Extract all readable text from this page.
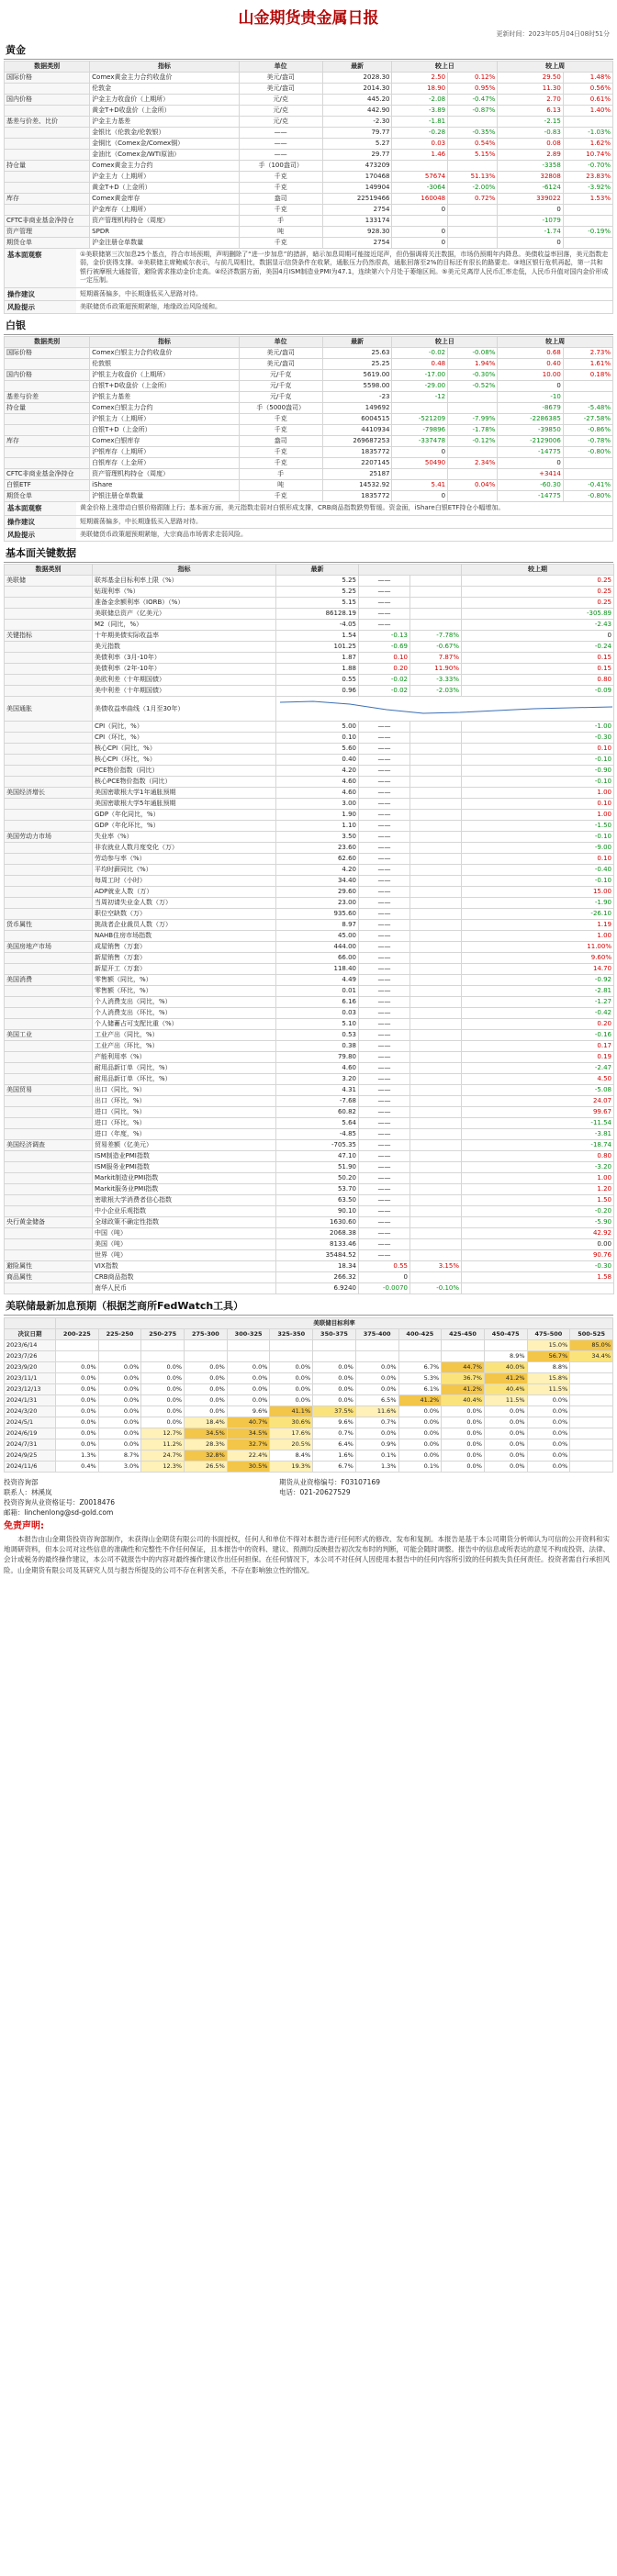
山金期货贵金属日报
更新时间：2023年05月04日08时51分
黄金
数据类别	指标	单位	最新	较上日		较上周	
国际价格	Comex黄金主力合约收盘价	美元/盎司	2028.30	2.50	0.12%	29.50	1.48%
	伦敦金	美元/盎司	2014.30	18.90	0.95%	11.30	0.56%
国内价格	沪金主力收盘价（上期所）	元/克	445.20	-2.08	-0.47%	2.70	0.61%
	黄金T+D收盘价（上金所）	元/克	442.90	-3.89	-0.87%	6.13	1.40%
基差与价差、比价	沪金主力基差	元/克	-2.30	-1.81		-2.15	
	金银比（伦敦金/伦敦银）	——	79.77	-0.28	-0.35%	-0.83	-1.03%
	金铜比（Comex金/Comex铜）	——	5.27	0.03	0.54%	0.08	1.62%
	金油比（Comex金/WTI原油）	——	29.77	1.46	5.15%	2.89	10.74%
持仓量	Comex黄金主力合约	手（100盎司）	473209			-3358	-0.70%
	沪金主力（上期所）	千克	170468	57674	51.13%	32808	23.83%
	黄金T+D（上金所）	千克	149904	-3064	-2.00%	-6124	-3.92%
库存	Comex黄金库存	盎司	22519466	160048	0.72%	339022	1.53%
	沪金库存（上期所）	千克	2754	0		0	
CFTC非商业基金净持仓	资产管理机构持仓（周度）	手	133174			-1079	
资产管理	SPDR	吨	928.30	0		-1.74	-0.19%
期货仓单	沪金注册仓单数量	千克	2754	0		0	
基本面观察	①美联储第三次加息25个基点，符合市场预期，声明删除了“进一步加息”的措辞，暗示加息周期可能接近尾声，但仍强调将关注数据，市场仍预期年内降息。美债收益率回落，美元指数走弱，金价获得支撑。②美联储主席鲍威尔表示，与前几周相比，数据显示信贷条件在收紧，通胀压力仍然很高，通胀回落至2%的目标还有很长的路要走。③地区银行危机再起，第一共和银行被摩根大通接管，避险需求推动金价走高。④经济数据方面，美国4月ISM制造业PMI为47.1，连续第六个月处于萎缩区间。⑤美元兑离岸人民币汇率走低，人民币升值对国内金价形成一定压制。
操作建议	短期震荡偏多，中长期逢低买入思路对待。
风险提示	美联储货币政策超预期紧缩，地缘政治风险缓和。
白银
数据类别	指标	单位	最新	较上日		较上周	
国际价格	Comex白银主力合约收盘价	美元/盎司	25.63	-0.02	-0.08%	0.68	2.73%
	伦敦银	美元/盎司	25.25	0.48	1.94%	0.40	1.61%
国内价格	沪银主力收盘价（上期所）	元/千克	5619.00	-17.00	-0.30%	10.00	0.18%
	白银T+D收盘价（上金所）	元/千克	5598.00	-29.00	-0.52%	0	
基差与价差	沪银主力基差	元/千克	-23	-12		-10	
持仓量	Comex白银主力合约	手（5000盎司）	149692			-8679	-5.48%
	沪银主力（上期所）	千克	6004515	-521209	-7.99%	-2286385	-27.58%
	白银T+D（上金所）	千克	4410934	-79896	-1.78%	-39850	-0.86%
库存	Comex白银库存	盎司	269687253	-337478	-0.12%	-2129006	-0.78%
	沪银库存（上期所）	千克	1835772	0		-14775	-0.80%
	白银库存（上金所）	千克	2207145	50490	2.34%	0	
CFTC非商业基金净持仓	资产管理机构持仓（周度）	手	25187			+3414	
白银ETF	iShare	吨	14532.92	5.41	0.04%	-60.30	-0.41%
期货仓单	沪银注册仓单数量	千克	1835772	0		-14775	-0.80%
基本面观察	黄金价格上涨带动白银价格跟随上行；基本面方面，美元指数走弱对白银形成支撑，CRB商品指数跌势暂缓。资金面，iShare白银ETF持仓小幅增加。
操作建议	短期震荡偏多，中长期逢低买入思路对待。
风险提示	美联储货币政策超预期紧缩，大宗商品市场需求走弱风险。
基本面关键数据
数据类别	指标	最新			较上期
美联储	联邦基金目标利率上限（%）	5.25	——		0.25
	贴现利率（%）	5.25	——		0.25
	准备金余额利率（IORB）（%）	5.15	——		0.25
	美联储总资产（亿美元）	86128.19	——		-305.89
	M2（同比，%）	-4.05	——		-2.43
关键指标	十年期美债实际收益率	1.54	-0.13	-7.78%	0
	美元指数	101.25	-0.69	-0.67%	-0.24
	美债利率（3月-10年）	1.87	0.10	7.87%	0.15
	美债利率（2年-10年）	1.88	0.20	11.90%	0.15
	美欧利差（十年期国债）	0.55	-0.02	-3.33%	0.80
	美中利差（十年期国债）	0.96	-0.02	-2.03%	-0.09
美国通胀	美债收益率曲线（1月至30年）	

	CPI（同比，%）	5.00	——		-1.00
	CPI（环比，%）	0.10	——		-0.30
	核心CPI（同比，%）	5.60	——		0.10
	核心CPI（环比，%）	0.40	——		-0.10
	PCE物价指数（同比）	4.20	——		-0.90
	核心PCE物价指数（同比）	4.60	——		-0.10
美国经济增长	美国密歇根大学1年通胀预期	4.60	——		1.00
	美国密歇根大学5年通胀预期	3.00	——		0.10
	GDP（年化同比，%）	1.90	——		1.00
	GDP（年化环比，%）	1.10	——		-1.50
美国劳动力市场	失业率（%）	3.50	——		-0.10
	非农就业人数月度变化（万）	23.60	——		-9.00
	劳动参与率（%）	62.60	——		0.10
	平均时薪同比（%）	4.20	——		-0.40
	每周工时（小时）	34.40	——		-0.10
	ADP就业人数（万）	29.60	——		15.00
	当周初请失业金人数（万）	23.00	——		-1.90
	职位空缺数（万）	935.60	——		-26.10
货币属性	挑战者企业裁员人数（万）	8.97	——		1.19
	NAHB住房市场指数	45.00	——		1.00
美国房地产市场	成屋销售（万套）	444.00	——		11.00%
	新屋销售（万套）	66.00	——		9.60%
	新屋开工（万套）	118.40	——		14.70
美国消费	零售额（同比，%）	4.49	——		-0.92
	零售额（环比，%）	0.01	——		-2.81
	个人消费支出（同比，%）	6.16	——		-1.27
	个人消费支出（环比，%）	0.03	——		-0.42
	个人储蓄占可支配比重（%）	5.10	——		0.20
美国工业	工业产出（同比，%）	0.53	——		-0.16
	工业产出（环比，%）	0.38	——		0.17
	产能利用率（%）	79.80	——		0.19
	耐用品新订单（同比，%）	4.60	——		-2.47
	耐用品新订单（环比，%）	3.20	——		4.50
美国贸易	出口（同比，%）	4.31	——		-5.08
	出口（环比，%）	-7.68	——		24.07
	进口（同比，%）	60.82	——		99.67
	进口（环比，%）	5.64	——		-11.54
	进口（年度，%）	-4.85	——		-3.81
美国经济调查	贸易差额（亿美元）	-705.35	——		-18.74
	ISM制造业PMI指数	47.10	——		0.80
	ISM服务业PMI指数	51.90	——		-3.20
	Markit制造业PMI指数	50.20	——		1.00
	Markit服务业PMI指数	53.70	——		1.20
	密歇根大学消费者信心指数	63.50	——		1.50
	中小企业乐观指数	90.10	——		-0.20
央行黄金储备	全球政策不确定性指数	1630.60	——		-5.90
	中国（吨）	2068.38	——		42.92
	美国（吨）	8133.46	——		0.00
	世界（吨）	35484.52	——		90.76
避险属性	VIX指数	18.34	0.55	3.15%	-0.30
商品属性	CRB商品指数	266.32	0		1.58
	南华人民币	6.9240	-0.0070	-0.10%	
美联储最新加息预期（根据芝商所FedWatch工具）
	美联储目标利率												
决议日期	200-225	225-250	250-275	275-300	300-325	325-350	350-375	375-400	400-425	425-450	450-475	475-500	500-525
2023/6/14												15.0%	85.0%
2023/7/26											8.9%	56.7%	34.4%
2023/9/20	0.0%	0.0%	0.0%	0.0%	0.0%	0.0%	0.0%	0.0%	6.7%	44.7%	40.0%	8.8%	
2023/11/1	0.0%	0.0%	0.0%	0.0%	0.0%	0.0%	0.0%	0.0%	5.3%	36.7%	41.2%	15.8%	
2023/12/13	0.0%	0.0%	0.0%	0.0%	0.0%	0.0%	0.0%	0.0%	6.1%	41.2%	40.4%	11.5%	
2024/1/31	0.0%	0.0%	0.0%	0.0%	0.0%	0.0%	0.0%	6.5%	41.2%	40.4%	11.5%	0.0%	
2024/3/20	0.0%	0.0%	0.0%	0.0%	9.6%	41.1%	37.5%	11.6%	0.0%	0.0%	0.0%	0.0%	
2024/5/1	0.0%	0.0%	0.0%	18.4%	40.7%	30.6%	9.6%	0.7%	0.0%	0.0%	0.0%	0.0%	
2024/6/19	0.0%	0.0%	12.7%	34.5%	34.5%	17.6%	0.7%	0.0%	0.0%	0.0%	0.0%	0.0%	
2024/7/31	0.0%	0.0%	11.2%	28.3%	32.7%	20.5%	6.4%	0.9%	0.0%	0.0%	0.0%	0.0%	
2024/9/25	1.3%	8.7%	24.7%	32.8%	22.4%	8.4%	1.6%	0.1%	0.0%	0.0%	0.0%	0.0%	
2024/11/6	0.4%	3.0%	12.3%	26.5%	30.5%	19.3%	6.7%	1.3%	0.1%	0.0%	0.0%	0.0%	
投资咨询部	期货从业资格编号：F03107169
联系人：林溪岚	电话：021-20627529
投资咨询从业资格证号：Z0018476
邮箱：linchenlong@sd-gold.com
免责声明:
本报告由山金期货投资咨询部制作，未获得山金期货有限公司的书面授权，任何人和单位不得对本报告进行任何形式的修改、发布和复制。本报告是基于本公司期货分析师认为可信的公开资料和实地调研资料，但本公司对这些信息的准确性和完整性不作任何保证，且本报告中的资料、建议、预测均反映报告初次发布时的判断，可能会随时调整。报告中的信息或所表达的意见不构成投资、法律、会计或税务的最终操作建议，本公司不就报告中的内容对最终操作建议作出任何担保。在任何情况下，本公司不对任何人因使用本报告中的任何内容所引致的任何损失负任何责任。投资者需自行承担风险。山金期货有限公司及其研究人员与报告所提及的公司不存在利害关系，不存在影响独立性的情况。
